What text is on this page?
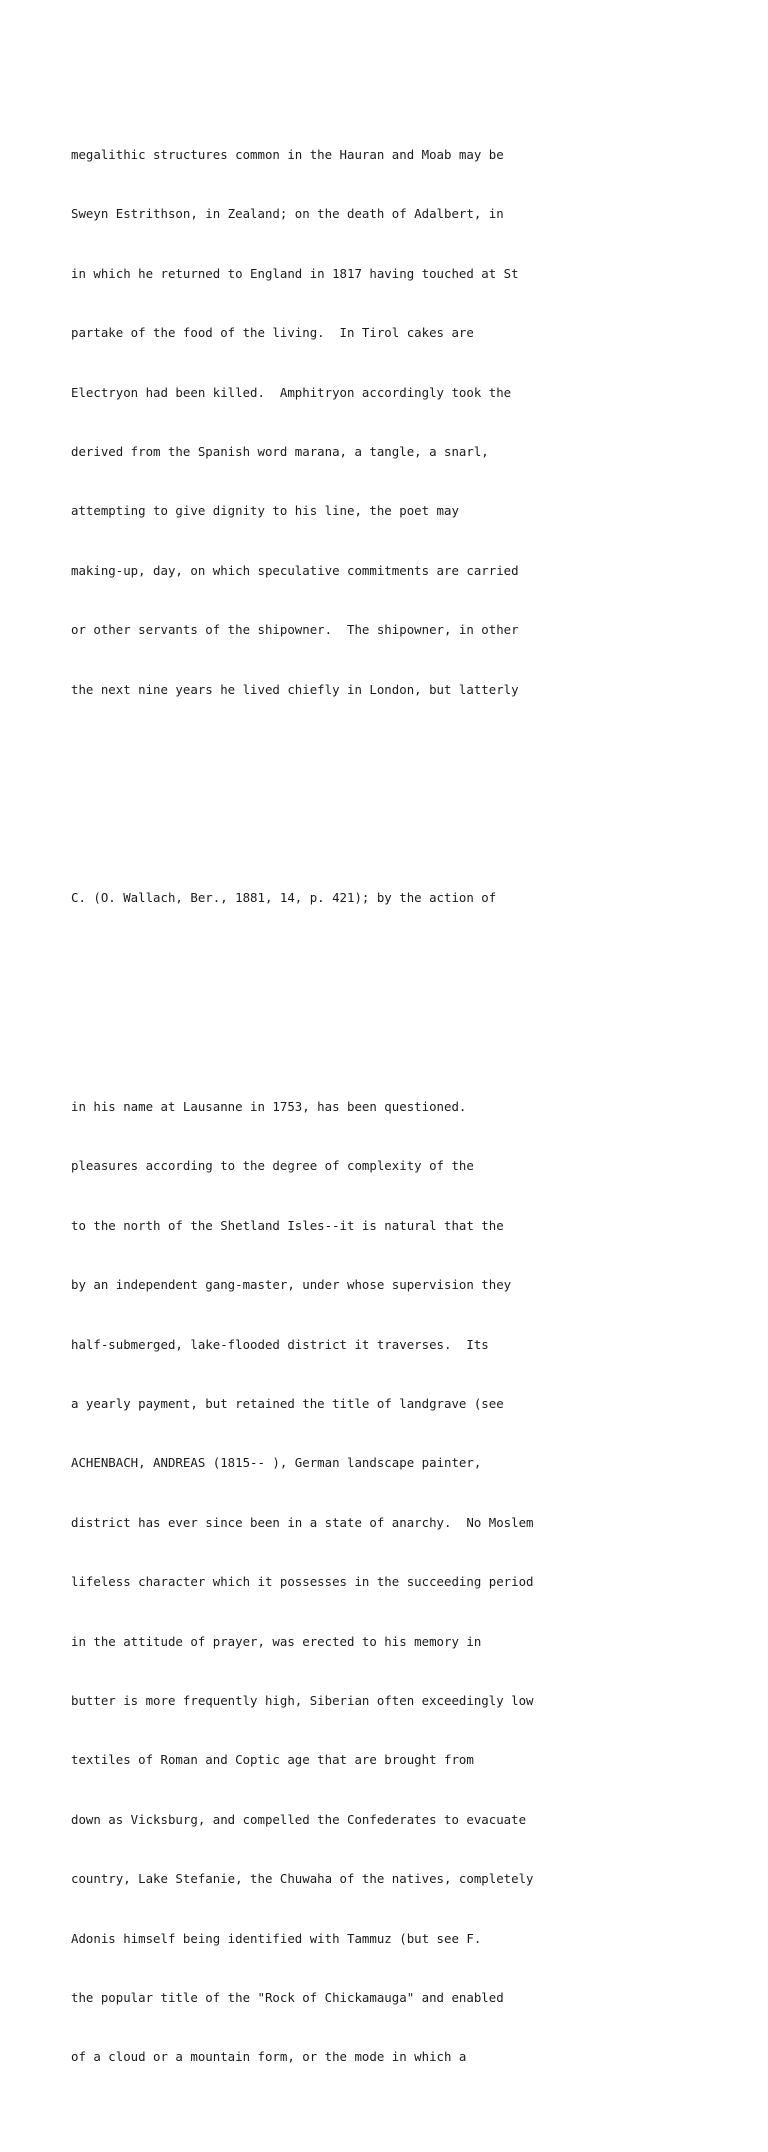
megalithic structures common in the Hauran and Moab may be

Sweyn Estrithson, in Zealand; on the death of Adalbert, in

in which he returned to England in 1817 having touched at St

partake of the food of the living.  In Tirol cakes are

Electryon had been killed.  Amphitryon accordingly took the

derived from the Spanish word marana, a tangle, a snarl,

attempting to give dignity to his line, the poet may

making-up, day, on which speculative commitments are carried

or other servants of the shipowner.  The shipowner, in other

the next nine years he lived chiefly in London, but latterly

C. (O. Wallach, Ber., 1881, 14, p. 421); by the action of

in his name at Lausanne in 1753, has been questioned.

pleasures according to the degree of complexity of the

to the north of the Shetland Isles--it is natural that the

by an independent gang-master, under whose supervision they

half-submerged, lake-flooded district it traverses.  Its

a yearly payment, but retained the title of landgrave (see

ACHENBACH, ANDREAS (1815-- ), German landscape painter,

district has ever since been in a state of anarchy.  No Moslem

lifeless character which it possesses in the succeeding period

in the attitude of prayer, was erected to his memory in

butter is more frequently high, Siberian often exceedingly low

textiles of Roman and Coptic age that are brought from

down as Vicksburg, and compelled the Confederates to evacuate

country, Lake Stefanie, the Chuwaha of the natives, completely

Adonis himself being identified with Tammuz (but see F.

the popular title of the "Rock of Chickamauga" and enabled

of a cloud or a mountain form, or the mode in which a
